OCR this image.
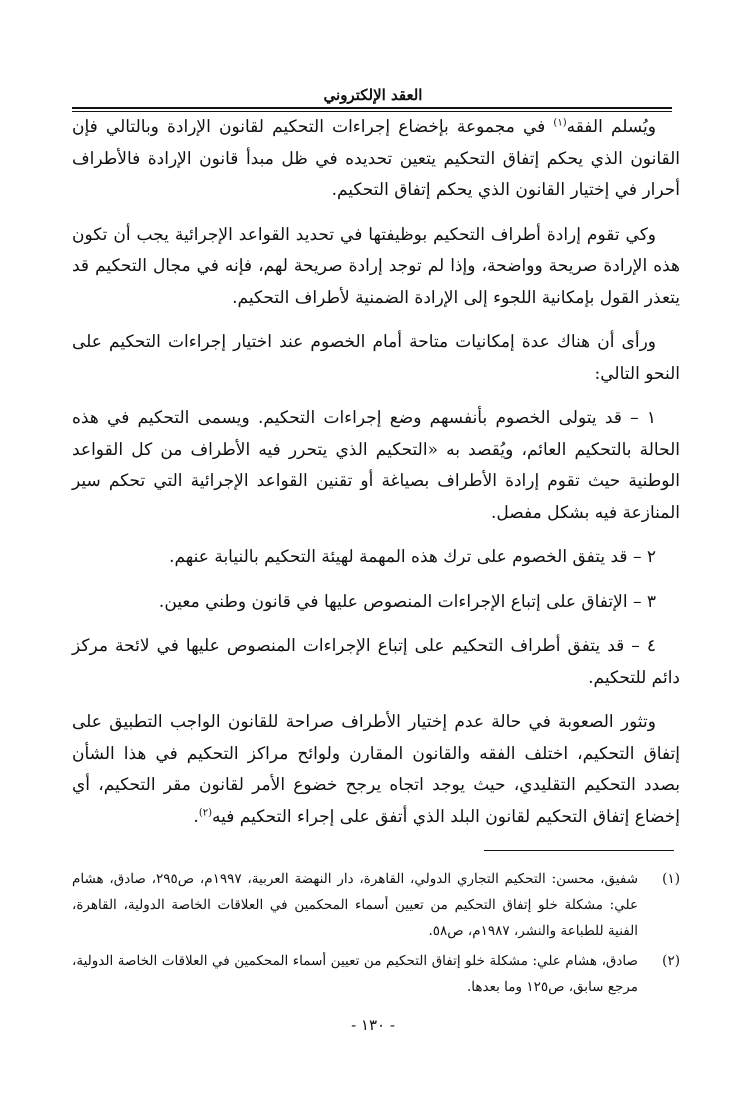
العقد الإلكتروني

ويُسلم الفقه$^{(١)}$ في مجموعة بإخضاع إجراءات التحكيم لقانون الإرادة وبالتالي فإن القانون الذي يحكم إتفاق التحكيم يتعين تحديده في ظل مبدأ قانون الإرادة فالأطراف أحرار في إختيار القانون الذي يحكم إتفاق التحكيم.

وكي تقوم إرادة أطراف التحكيم بوظيفتها في تحديد القواعد الإجرائية يجب أن تكون هذه الإرادة صريحة وواضحة، وإذا لم توجد إرادة صريحة لهم، فإنه في مجال التحكيم قد يتعذر القول بإمكانية اللجوء إلى الإرادة الضمنية لأطراف التحكيم.

ورأى أن هناك عدة إمكانيات متاحة أمام الخصوم عند اختيار إجراءات التحكيم على النحو التالي:

١ – قد يتولى الخصوم بأنفسهم وضع إجراءات التحكيم. ويسمى التحكيم في هذه الحالة بالتحكيم العائم، ويُقصد به «التحكيم الذي يتحرر فيه الأطراف من كل القواعد الوطنية حيث تقوم إرادة الأطراف بصياغة أو تقنين القواعد الإجرائية التي تحكم سير المنازعة فيه بشكل مفصل.

٢ – قد يتفق الخصوم على ترك هذه المهمة لهيئة التحكيم بالنيابة عنهم.

٣ – الإتفاق على إتباع الإجراءات المنصوص عليها في قانون وطني معين.

٤ – قد يتفق أطراف التحكيم على إتباع الإجراءات المنصوص عليها في لائحة مركز دائم للتحكيم.

وتثور الصعوبة في حالة عدم إختيار الأطراف صراحة للقانون الواجب التطبيق على إتفاق التحكيم، اختلف الفقه والقانون المقارن ولوائح مراكز التحكيم في هذا الشأن بصدد التحكيم التقليدي، حيث يوجد اتجاه يرجح خضوع الأمر لقانون مقر التحكيم، أي إخضاع إتفاق التحكيم لقانون البلد الذي أتفق على إجراء التحكيم فيه$^{(٢)}$.

(١)
شفيق، محسن: التحكيم التجاري الدولي، القاهرة، دار النهضة العربية، ١٩٩٧م، ص٢٩٥، صادق، هشام علي: مشكلة خلو إتفاق التحكيم من تعيين أسماء المحكمين في العلاقات الخاصة الدولية، القاهرة، الفنية للطباعة والنشر، ١٩٨٧م، ص٥٨.
(٢)
صادق، هشام علي: مشكلة خلو إتفاق التحكيم من تعيين أسماء المحكمين في العلاقات الخاصة الدولية، مرجع سابق، ص١٢٥ وما بعدها.
- ١٣٠ -
